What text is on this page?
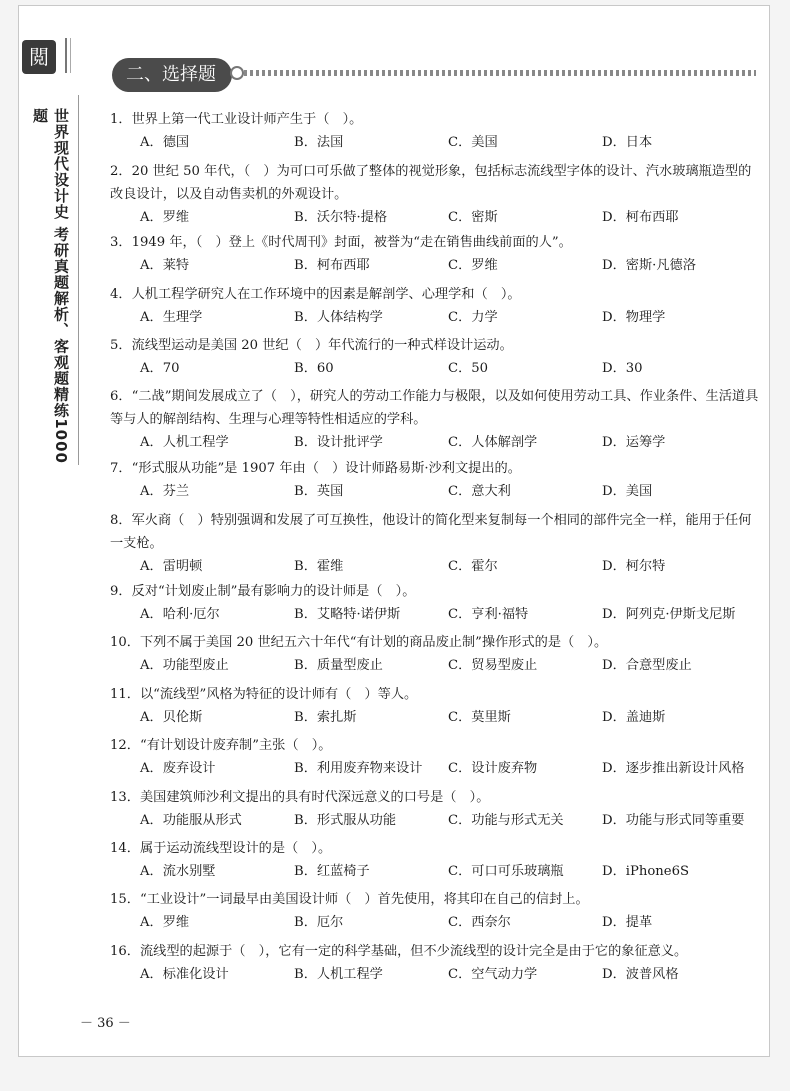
閲
世界现代设计史 考研真题解析、客观题精练1000题
二、选择题
1．世界上第一代工业设计师产生于（　）。
A．德国	B．法国	C．美国	D．日本
2．20 世纪 50 年代，（　）为可口可乐做了整体的视觉形象，包括标志流线型字体的设计、汽水玻璃瓶造型的改良设计，以及自动售卖机的外观设计。
A．罗维	B．沃尔特·提格	C．密斯	D．柯布西耶
3．1949 年，（　）登上《时代周刊》封面，被誉为“走在销售曲线前面的人”。
A．莱特	B．柯布西耶	C．罗维	D．密斯·凡德洛
4．人机工程学研究人在工作环境中的因素是解剖学、心理学和（　）。
A．生理学	B．人体结构学	C．力学	D．物理学
5．流线型运动是美国 20 世纪（　）年代流行的一种式样设计运动。
A．70	B．60	C．50	D．30
6．“二战”期间发展成立了（　），研究人的劳动工作能力与极限，以及如何使用劳动工具、作业条件、生活道具等与人的解剖结构、生理与心理等特性相适应的学科。
A．人机工程学	B．设计批评学	C．人体解剖学	D．运筹学
7．“形式服从功能”是 1907 年由（　）设计师路易斯·沙利文提出的。
A．芬兰	B．英国	C．意大利	D．美国
8．军火商（　）特别强调和发展了可互换性，他设计的简化型来复制每一个相同的部件完全一样，能用于任何一支枪。
A．雷明顿	B．霍维	C．霍尔	D．柯尔特
9．反对“计划废止制”最有影响力的设计师是（　）。
A．哈利·厄尔	B．艾略特·诺伊斯	C．亨利·福特	D．阿列克·伊斯戈尼斯
10．下列不属于美国 20 世纪五六十年代“有计划的商品废止制”操作形式的是（　）。
A．功能型废止	B．质量型废止	C．贸易型废止	D．合意型废止
11．以“流线型”风格为特征的设计师有（　）等人。
A．贝伦斯	B．索扎斯	C．莫里斯	D．盖迪斯
12．“有计划设计废弃制”主张（　）。
A．废弃设计	B．利用废弃物来设计 C．设计废弃物	D．逐步推出新设计风格
13．美国建筑师沙利文提出的具有时代深远意义的口号是（　）。
A．功能服从形式	B．形式服从功能	C．功能与形式无关	D．功能与形式同等重要
14．属于运动流线型设计的是（　）。
A．流水别墅	B．红蓝椅子	C．可口可乐玻璃瓶	D．iPhone6S
15．“工业设计”一词最早由美国设计师（　）首先使用，将其印在自己的信封上。
A．罗维	B．厄尔	C．西奈尔	D．提革
16．流线型的起源于（　），它有一定的科学基础，但不少流线型的设计完全是由于它的象征意义。
A．标准化设计	B．人机工程学	C．空气动力学	D．波普风格
－ 36 －
